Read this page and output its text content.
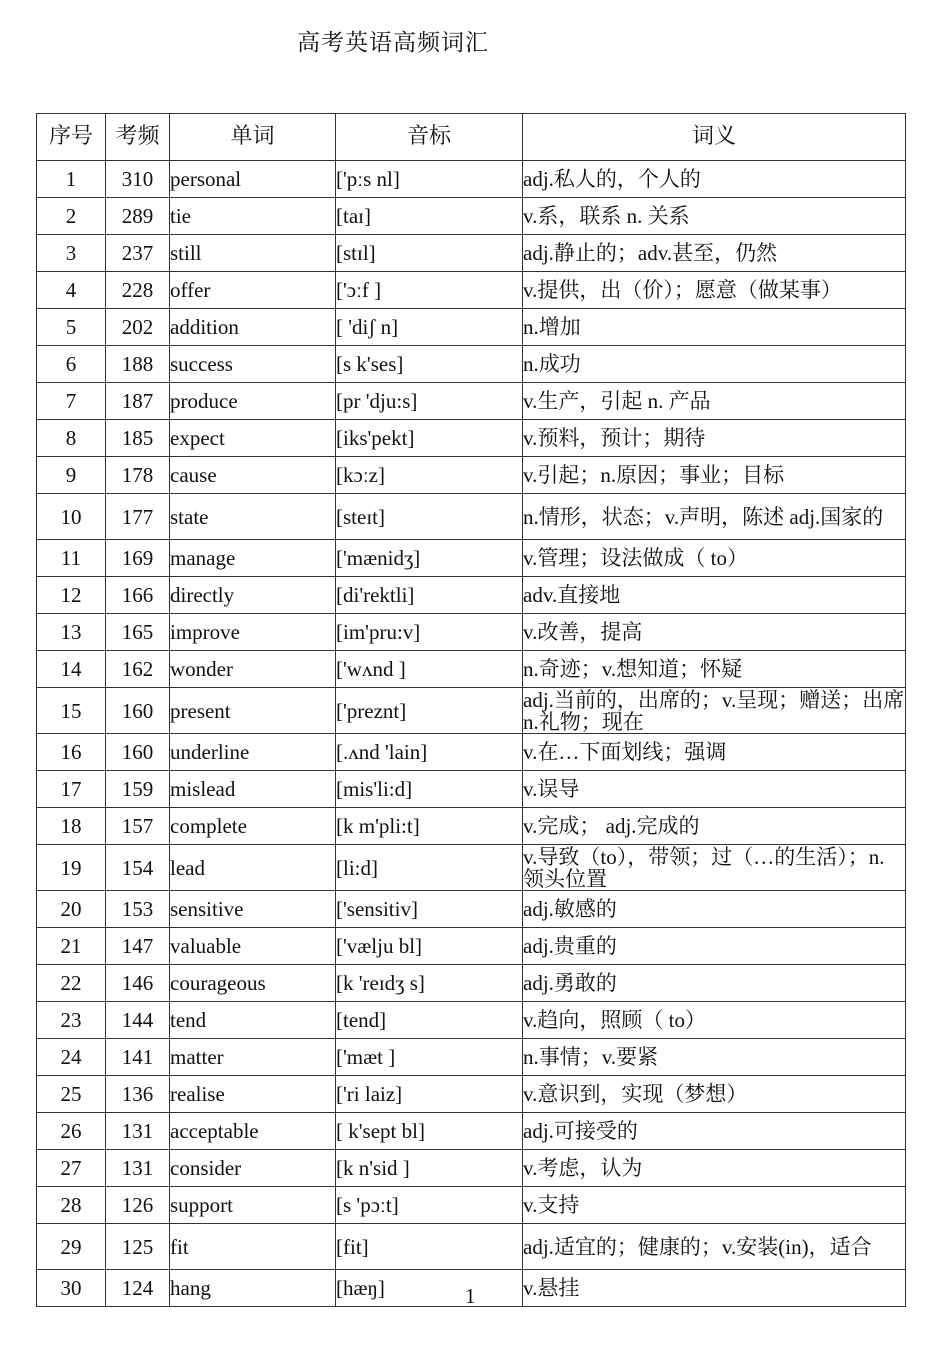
高考英语高频词汇
序号	考频	单词	音标	词义
1	310	personal	['pːs nl]	adj.私人的，个人的
2	289	tie	[taɪ]	v.系，联系 n. 关系
3	237	still	[stɪl]	adj.静止的；adv.甚至，仍然
4	228	offer	['ɔːf ]	v.提供，出（价）；愿意（做某事）
5	202	addition	[ 'diʃ n]	n.增加
6	188	success	[s k'ses]	n.成功
7	187	produce	[pr 'dju:s]	v.生产，引起 n. 产品
8	185	expect	[iks'pekt]	v.预料，预计；期待
9	178	cause	[kɔːz]	v.引起；n.原因；事业；目标
10	177	state	[steɪt]	n.情形，状态；v.声明，陈述 adj.国家的
11	169	manage	['mænidʒ]	v.管理；设法做成（ to）
12	166	directly	[di'rektli]	adv.直接地
13	165	improve	[im'pru:v]	v.改善，提高
14	162	wonder	['wʌnd ]	n.奇迹；v.想知道；怀疑
15	160	present	['preznt]	adj.当前的，出席的；v.呈现；赠送；出席 n.礼物；现在
16	160	underline	[.ʌnd 'lain]	v.在…下面划线；强调
17	159	mislead	[mis'li:d]	v.误导
18	157	complete	[k m'pli:t]	v.完成； adj.完成的
19	154	lead	[li:d]	v.导致（to），带领；过（…的生活）；n.领头位置
20	153	sensitive	['sensitiv]	adj.敏感的
21	147	valuable	['vælju bl]	adj.贵重的
22	146	courageous	[k 'reɪdʒ s]	adj.勇敢的
23	144	tend	[tend]	v.趋向，照顾（ to）
24	141	matter	['mæt ]	n.事情；v.要紧
25	136	realise	['ri laiz]	v.意识到，实现（梦想）
26	131	acceptable	[ k'sept bl]	adj.可接受的
27	131	consider	[k n'sid ]	v.考虑，认为
28	126	support	[s 'pɔːt]	v.支持
29	125	fit	[fit]	adj.适宜的；健康的；v.安装(in)，适合
30	124	hang	[hæŋ]	v.悬挂
1
